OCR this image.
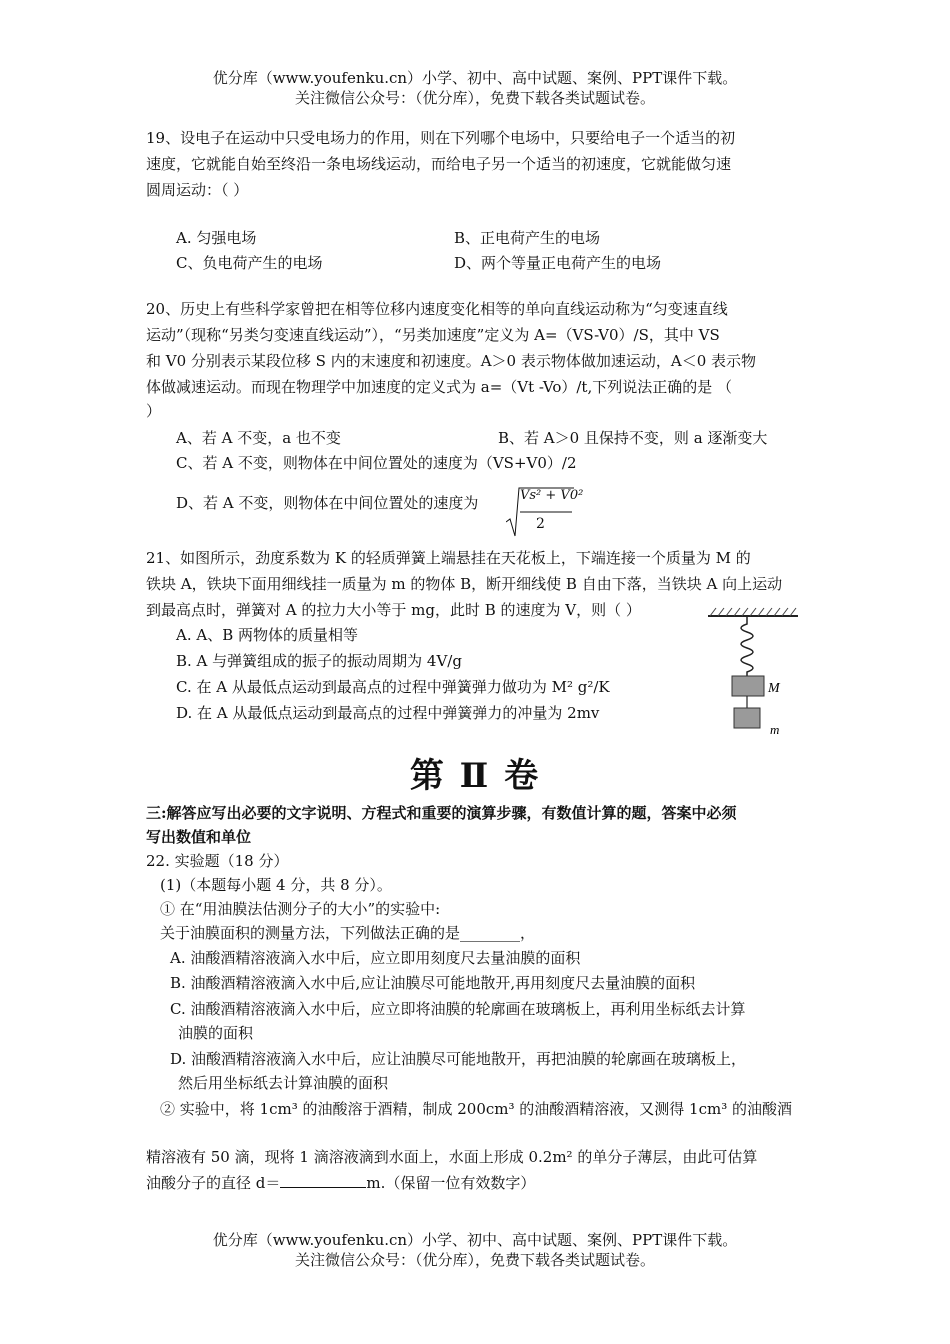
优分库（www.youfenku.cn）小学、初中、高中试题、案例、PPT课件下载。
关注微信公众号：（优分库），免费下载各类试题试卷。
19、设电子在运动中只受电场力的作用，则在下列哪个电场中，只要给电子一个适当的初
速度，它就能自始至终沿一条电场线运动，而给电子另一个适当的初速度，它就能做匀速
圆周运动：（ ）
A. 匀强电场	B、正电荷产生的电场
C、负电荷产生的电场	D、两个等量正电荷产生的电场
20、历史上有些科学家曾把在相等位移内速度变化相等的单向直线运动称为“匀变速直线
运动”（现称“另类匀变速直线运动”），“另类加速度”定义为 A=（VS-V0）/S，其中 VS
和 V0 分别表示某段位移 S 内的末速度和初速度。A＞0 表示物体做加速运动，A＜0 表示物
体做减速运动。而现在物理学中加速度的定义式为 a=（Vt -Vo）/t,下列说法正确的是 （
）
A、若 A 不变，a 也不变	B、若 A＞0 且保持不变，则 a 逐渐变大
C、若 A 不变，则物体在中间位置处的速度为（VS+V0）/2
D、若 A 不变，则物体在中间位置处的速度为	Vs² + V0²
2
21、如图所示，劲度系数为 K 的轻质弹簧上端悬挂在天花板上，下端连接一个质量为 M 的
铁块 A，铁块下面用细线挂一质量为 m 的物体 B，断开细线使 B 自由下落，当铁块 A 向上运动
到最高点时，弹簧对 A 的拉力大小等于 mg，此时 B 的速度为 V，则（ ）
A. A、B 两物体的质量相等
B. A 与弹簧组成的振子的振动周期为 4V/g
C. 在 A 从最低点运动到最高点的过程中弹簧弹力做功为 M² g²/K
D. 在 A 从最低点运动到最高点的过程中弹簧弹力的冲量为 2mv
M
m
第 Ⅱ 卷
三:解答应写出必要的文字说明、方程式和重要的演算步骤，有数值计算的题，答案中必须
写出数值和单位
22. 实验题（18 分）
(1)（本题每小题 4 分，共 8 分）。
① 在“用油膜法估测分子的大小”的实验中:
关于油膜面积的测量方法，下列做法正确的是________，
A. 油酸酒精溶液滴入水中后，应立即用刻度尺去量油膜的面积
B. 油酸酒精溶液滴入水中后,应让油膜尽可能地散开,再用刻度尺去量油膜的面积
C. 油酸酒精溶液滴入水中后，应立即将油膜的轮廓画在玻璃板上，再利用坐标纸去计算
油膜的面积
D. 油酸酒精溶液滴入水中后，应让油膜尽可能地散开，再把油膜的轮廓画在玻璃板上，
然后用坐标纸去计算油膜的面积
② 实验中，将 1cm³ 的油酸溶于酒精，制成 200cm³ 的油酸酒精溶液，又测得 1cm³ 的油酸酒
精溶液有 50 滴，现将 1 滴溶液滴到水面上，水面上形成 0.2m² 的单分子薄层，由此可估算
油酸分子的直径 d＝	m.（保留一位有效数字）
优分库（www.youfenku.cn）小学、初中、高中试题、案例、PPT课件下载。
关注微信公众号：（优分库），免费下载各类试题试卷。
